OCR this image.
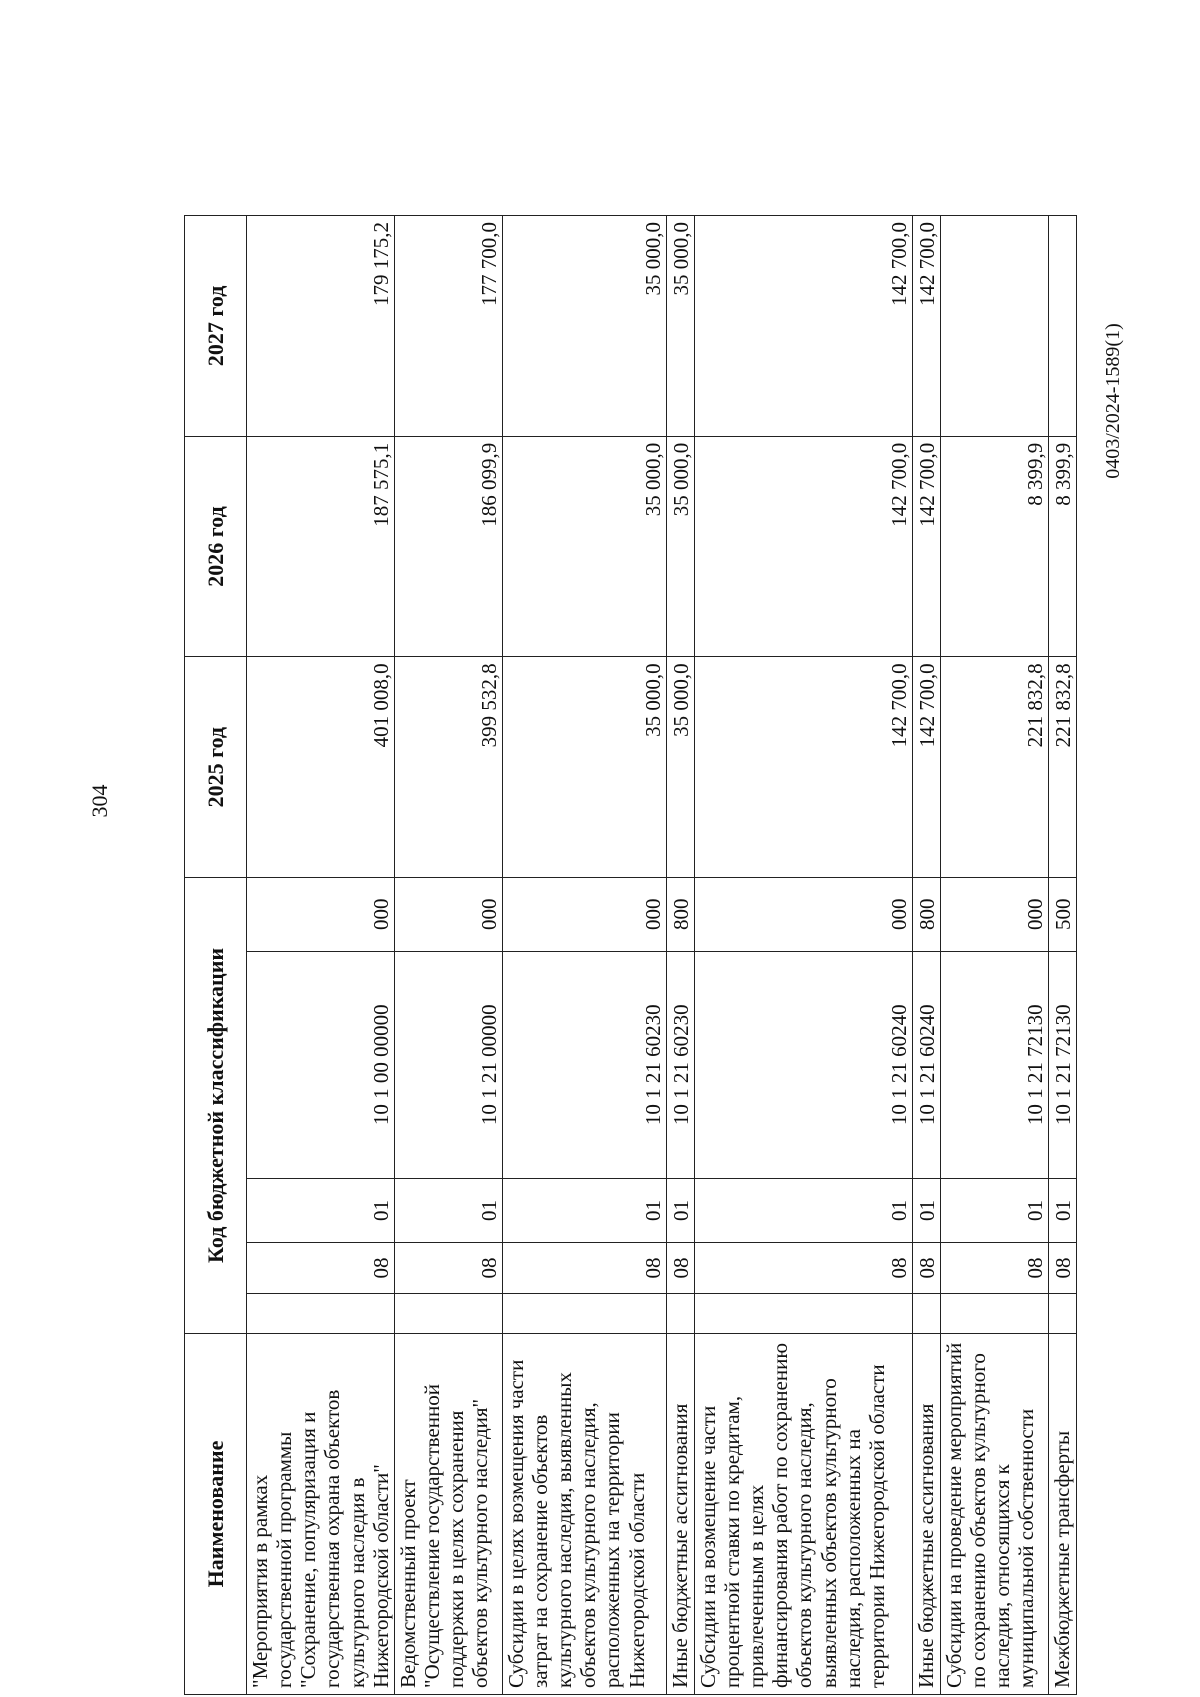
304
0403/2024-1589(1)
Наименование	Код бюджетной классификации					2025 год	2026 год	2027 год
"Мероприятия в рамках государственной программы "Сохранение, популяризация и государственная охрана объектов культурного наследия в Нижегородской области"		08	01	10 1 00 00000	000	401 008,0	187 575,1	179 175,2
Ведомственный проект "Осуществление государственной поддержки в целях сохранения объектов культурного наследия"		08	01	10 1 21 00000	000	399 532,8	186 099,9	177 700,0
Субсидии в целях возмещения части затрат на сохранение объектов культурного наследия, выявленных объектов культурного наследия, расположенных на территории Нижегородской области		08	01	10 1 21 60230	000	35 000,0	35 000,0	35 000,0
Иные бюджетные ассигнования		08	01	10 1 21 60230	800	35 000,0	35 000,0	35 000,0
Субсидии на возмещение части процентной ставки по кредитам, привлеченным в целях финансирования работ по сохранению объектов культурного наследия, выявленных объектов культурного наследия, расположенных на территории Нижегородской области		08	01	10 1 21 60240	000	142 700,0	142 700,0	142 700,0
Иные бюджетные ассигнования		08	01	10 1 21 60240	800	142 700,0	142 700,0	142 700,0
Субсидии на проведение мероприятий по сохранению объектов культурного наследия, относящихся к муниципальной собственности		08	01	10 1 21 72130	000	221 832,8	8 399,9	
Межбюджетные трансферты		08	01	10 1 21 72130	500	221 832,8	8 399,9	
